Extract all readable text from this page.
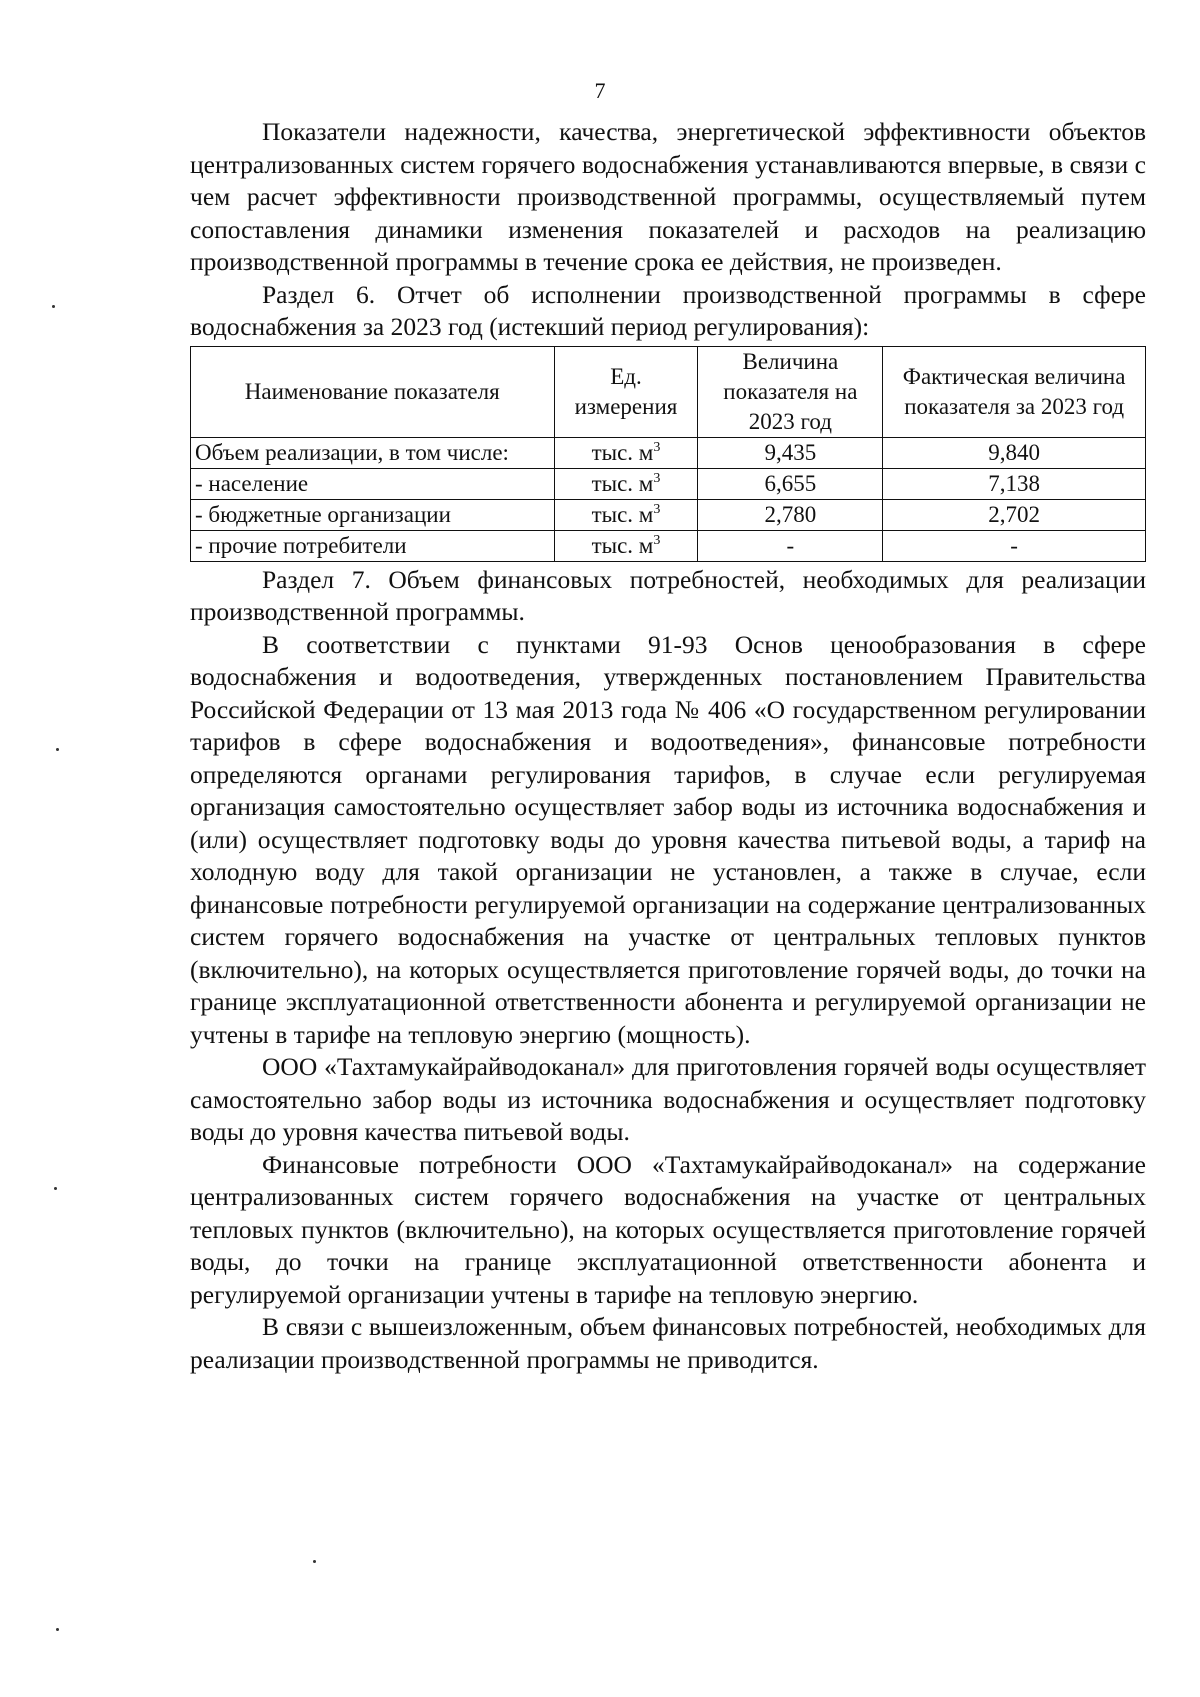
7

Показатели надежности, качества, энергетической эффективности объектов централизованных систем горячего водоснабжения устанавливаются впервые, в связи с чем расчет эффективности производственной программы, осуществляемый путем сопоставления динамики изменения показателей и расходов на реализацию производственной программы в течение срока ее действия, не произведен.

Раздел 6. Отчет об исполнении производственной программы в сфере водоснабжения за 2023 год (истекший период регулирования):

Наименование показателя	Ед. измерения	Величина показателя на 2023 год	Фактическая величина показателя за 2023 год
Объем реализации, в том числе:	тыс. $м^3$	9,435	9,840
- население	тыс. $м^3$	6,655	7,138
- бюджетные организации	тыс. $м^3$	2,780	2,702
- прочие потребители	тыс. $м^3$	-	-

Раздел 7. Объем финансовых потребностей, необходимых для реализации производственной программы.

В соответствии с пунктами 91-93 Основ ценообразования в сфере водоснабжения и водоотведения, утвержденных постановлением Правительства Российской Федерации от 13 мая 2013 года № 406 «О государственном регулировании тарифов в сфере водоснабжения и водоотведения», финансовые потребности определяются органами регулирования тарифов, в случае если регулируемая организация самостоятельно осуществляет забор воды из источника водоснабжения и (или) осуществляет подготовку воды до уровня качества питьевой воды, а тариф на холодную воду для такой организации не установлен, а также в случае, если финансовые потребности регулируемой организации на содержание централизованных систем горячего водоснабжения на участке от центральных тепловых пунктов (включительно), на которых осуществляется приготовление горячей воды, до точки на границе эксплуатационной ответственности абонента и регулируемой организации не учтены в тарифе на тепловую энергию (мощность).

ООО «Тахтамукайрайводоканал» для приготовления горячей воды осуществляет самостоятельно забор воды из источника водоснабжения и осуществляет подготовку воды до уровня качества питьевой воды.

Финансовые потребности ООО «Тахтамукайрайводоканал» на содержание централизованных систем горячего водоснабжения на участке от центральных тепловых пунктов (включительно), на которых осуществляется приготовление горячей воды, до точки на границе эксплуатационной ответственности абонента и регулируемой организации учтены в тарифе на тепловую энергию.

В связи с вышеизложенным, объем финансовых потребностей, необходимых для реализации производственной программы не приводится.
